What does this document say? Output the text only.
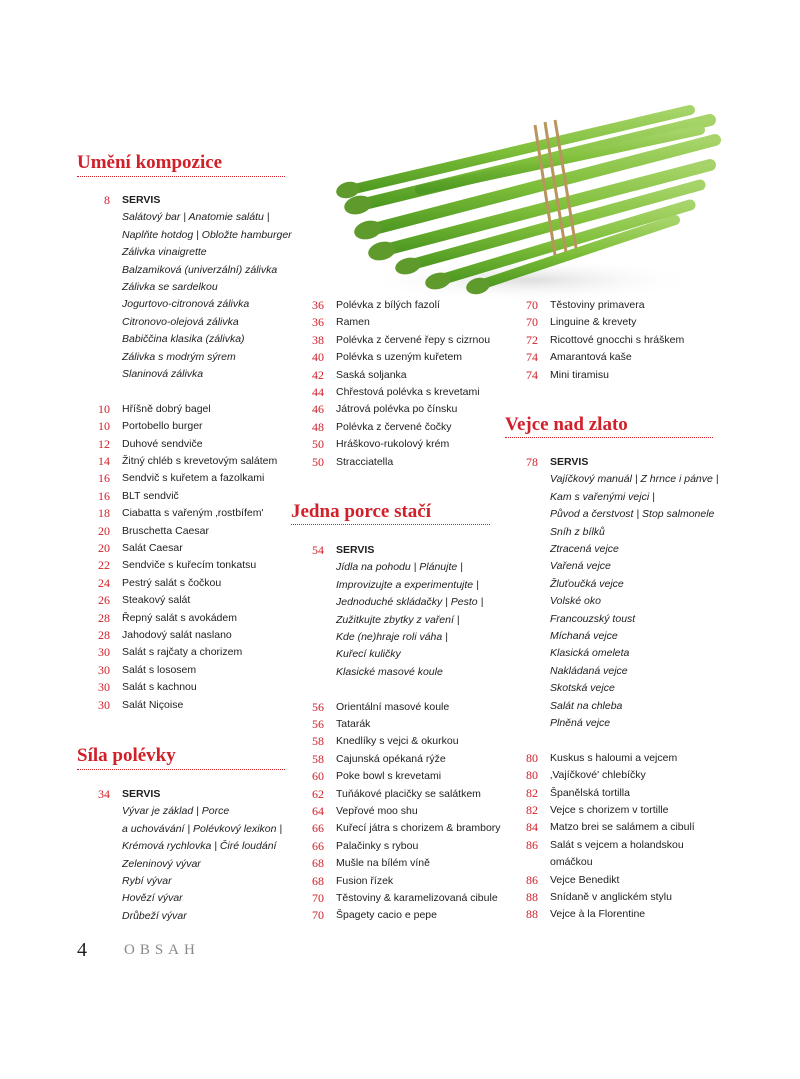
Umění kompozice
8 SERVIS
Salátový bar | Anatomie salátu |
Naplňte hotdog | Obložte hamburger
Zálivka vinaigrette
Balzamiková (univerzální) zálivka
Zálivka se sardelkou
Jogurtovo-citronová zálivka
Citronovo-olejová zálivka
Babiččina klasika (zálivka)
Zálivka s modrým sýrem
Slaninová zálivka
10 Hříšně dobrý bagel
10 Portobello burger
12 Duhové sendviče
14 Žitný chléb s krevetovým salátem
16 Sendvič s kuřetem a fazolkami
16 BLT sendvič
18 Ciabatta s vařeným ‚rostbífem'
20 Bruschetta Caesar
20 Salát Caesar
22 Sendviče s kuřecím tonkatsu
24 Pestrý salát s čočkou
26 Steakový salát
28 Řepný salát s avokádem
28 Jahodový salát naslano
30 Salát s rajčaty a chorizem
30 Salát s lososem
30 Salát s kachnou
30 Salát Niçoise
Síla polévky
34 SERVIS
Vývar je základ | Porce
a uchovávání | Polévkový lexikon |
Krémová rychlovka | Čiré loudání
Zeleninový vývar
Rybí vývar
Hovězí vývar
Drůbeží vývar
36 Polévka z bílých fazolí
36 Ramen
38 Polévka z červené řepy s cizrnou
40 Polévka s uzeným kuřetem
42 Saská soljanka
44 Chřestová polévka s krevetami
46 Játrová polévka po čínsku
48 Polévka z červené čočky
50 Hráškovo-rukolový krém
50 Stracciatella
Jedna porce stačí
54 SERVIS
Jídla na pohodu | Plánujte |
Improvizujte a experimentujte |
Jednoduché skládačky | Pesto |
Zužitkujte zbytky z vaření |
Kde (ne)hraje roli váha |
Kuřecí kuličky
Klasické masové koule
56 Orientální masové koule
56 Tatarák
58 Knedlíky s vejci & okurkou
58 Cajunská opékaná rýže
60 Poke bowl s krevetami
62 Tuňákové placičky se salátkem
64 Vepřové moo shu
66 Kuřecí játra s chorizem & brambory
66 Palačinky s rybou
68 Mušle na bílém víně
68 Fusion řízek
70 Těstoviny & karamelizovaná cibule
70 Špagety cacio e pepe
70 Těstoviny primavera
70 Linguine & krevety
72 Ricottové gnocchi s hráškem
74 Amarantová kaše
74 Mini tiramisu
Vejce nad zlato
78 SERVIS
Vajíčkový manuál | Z hrnce i pánve |
Kam s vařenými vejci |
Původ a čerstvost | Stop salmonele
Sníh z bílků
Ztracená vejce
Vařená vejce
Žluťoučká vejce
Volské oko
Francouzský toust
Míchaná vejce
Klasická omeleta
Nakládaná vejce
Skotská vejce
Salát na chleba
Plněná vejce
80 Kuskus s haloumi a vejcem
80 ‚Vajíčkové' chlebíčky
82 Španělská tortilla
82 Vejce s chorizem v tortille
84 Matzo brei se salámem a cibulí
86 Salát s vejcem a holandskou
omáčkou
86 Vejce Benedikt
88 Snídaně v anglickém stylu
88 Vejce à la Florentine
4 OBSAH
